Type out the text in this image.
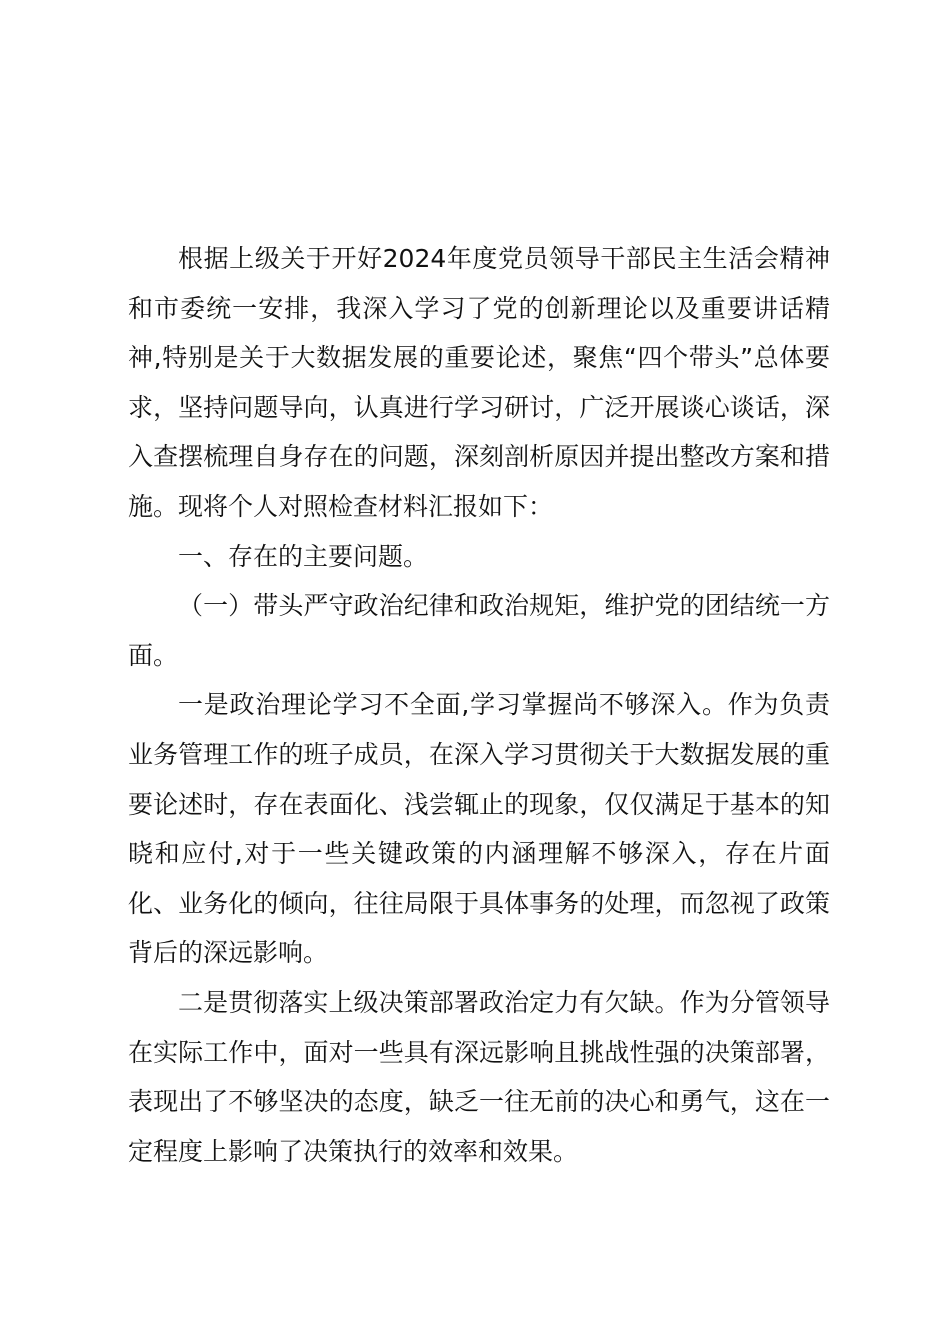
根据上级关于开好2024年度党员领导干部民主生活会精神和市委统一安排，我深入学习了党的创新理论以及重要讲话精神,特别是关于大数据发展的重要论述，聚焦“四个带头”总体要求，坚持问题导向，认真进行学习研讨，广泛开展谈心谈话，深入查摆梳理自身存在的问题，深刻剖析原因并提出整改方案和措施。现将个人对照检查材料汇报如下：

一、存在的主要问题。

（一）带头严守政治纪律和政治规矩，维护党的团结统一方面。

一是政治理论学习不全面,学习掌握尚不够深入。作为负责业务管理工作的班子成员，在深入学习贯彻关于大数据发展的重要论述时，存在表面化、浅尝辄止的现象，仅仅满足于基本的知晓和应付,对于一些关键政策的内涵理解不够深入，存在片面化、业务化的倾向，往往局限于具体事务的处理，而忽视了政策背后的深远影响。

二是贯彻落实上级决策部署政治定力有欠缺。作为分管领导在实际工作中，面对一些具有深远影响且挑战性强的决策部署，表现出了不够坚决的态度，缺乏一往无前的决心和勇气，这在一定程度上影响了决策执行的效率和效果。
